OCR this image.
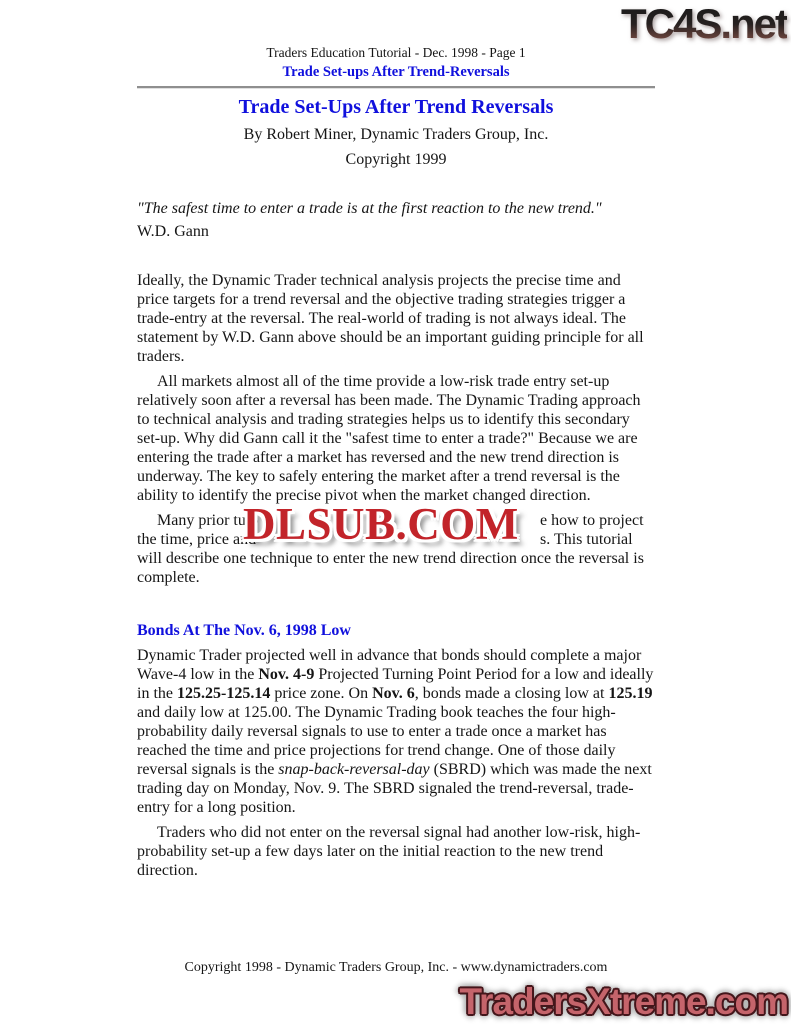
TC4S.net
Traders Education Tutorial - Dec. 1998 - Page 1
Trade Set-ups After Trend-Reversals
Trade Set-Ups After Trend Reversals
By Robert Miner, Dynamic Traders Group, Inc.
Copyright 1999
"The safest time to enter a trade is at the first reaction to the new trend."
W.D. Gann

Ideally, the Dynamic Trader technical analysis projects the precise time and price targets for a trend reversal and the objective trading strategies trigger a trade-entry at the reversal. The real-world of trading is not always ideal. The statement by W.D. Gann above should be an important guiding principle for all traders.

All markets almost all of the time provide a low-risk trade entry set-up relatively soon after a reversal has been made. The Dynamic Trading approach to technical analysis and trading strategies helps us to identify this secondary set-up. Why did Gann call it the "safest time to enter a trade?" Because we are entering the trade after a market has reversed and the new trend direction is underway. The key to safely entering the market after a trend reversal is the ability to identify the precise pivot when the market changed direction.

Many prior tuto	e how to project
the time, price and	s. This tutorial
will describe one technique to enter the new trend direction once the reversal is
complete.
DLSUB.COM
Bonds At The Nov. 6, 1998 Low

Dynamic Trader projected well in advance that bonds should complete a major Wave-4 low in the Nov. 4-9 Projected Turning Point Period for a low and ideally in the 125.25-125.14 price zone. On Nov. 6, bonds made a closing low at 125.19 and daily low at 125.00. The Dynamic Trading book teaches the four high-probability daily reversal signals to use to enter a trade once a market has reached the time and price projections for trend change. One of those daily reversal signals is the snap-back-reversal-day (SBRD) which was made the next trading day on Monday, Nov. 9. The SBRD signaled the trend-reversal, trade-entry for a long position.

Traders who did not enter on the reversal signal had another low-risk, high-probability set-up a few days later on the initial reaction to the new trend direction.

Copyright 1998 - Dynamic Traders Group, Inc. - www.dynamictraders.com
TradersXtreme.com
